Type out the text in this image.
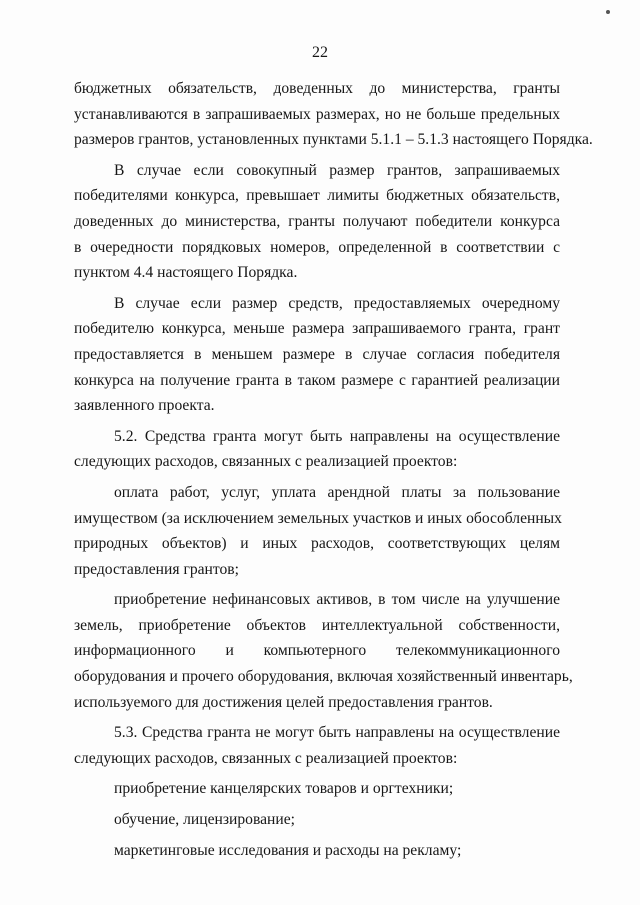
22
бюджетных обязательств, доведенных до министерства, гранты
устанавливаются в запрашиваемых размерах, но не больше предельных
размеров грантов, установленных пунктами 5.1.1 – 5.1.3 настоящего Порядка.
В случае если совокупный размер грантов, запрашиваемых
победителями конкурса, превышает лимиты бюджетных обязательств,
доведенных до министерства, гранты получают победители конкурса
в очередности порядковых номеров, определенной в соответствии с
пунктом 4.4 настоящего Порядка.
В случае если размер средств, предоставляемых очередному
победителю конкурса, меньше размера запрашиваемого гранта, грант
предоставляется в меньшем размере в случае согласия победителя
конкурса на получение гранта в таком размере с гарантией реализации
заявленного проекта.
5.2. Средства гранта могут быть направлены на осуществление
следующих расходов, связанных с реализацией проектов:
оплата работ, услуг, уплата арендной платы за пользование
имуществом (за исключением земельных участков и иных обособленных
природных объектов) и иных расходов, соответствующих целям
предоставления грантов;
приобретение нефинансовых активов, в том числе на улучшение
земель, приобретение объектов интеллектуальной собственности,
информационного и компьютерного телекоммуникационного
оборудования и прочего оборудования, включая хозяйственный инвентарь,
используемого для достижения целей предоставления грантов.
5.3. Средства гранта не могут быть направлены на осуществление
следующих расходов, связанных с реализацией проектов:
приобретение канцелярских товаров и оргтехники;
обучение, лицензирование;
маркетинговые исследования и расходы на рекламу;
